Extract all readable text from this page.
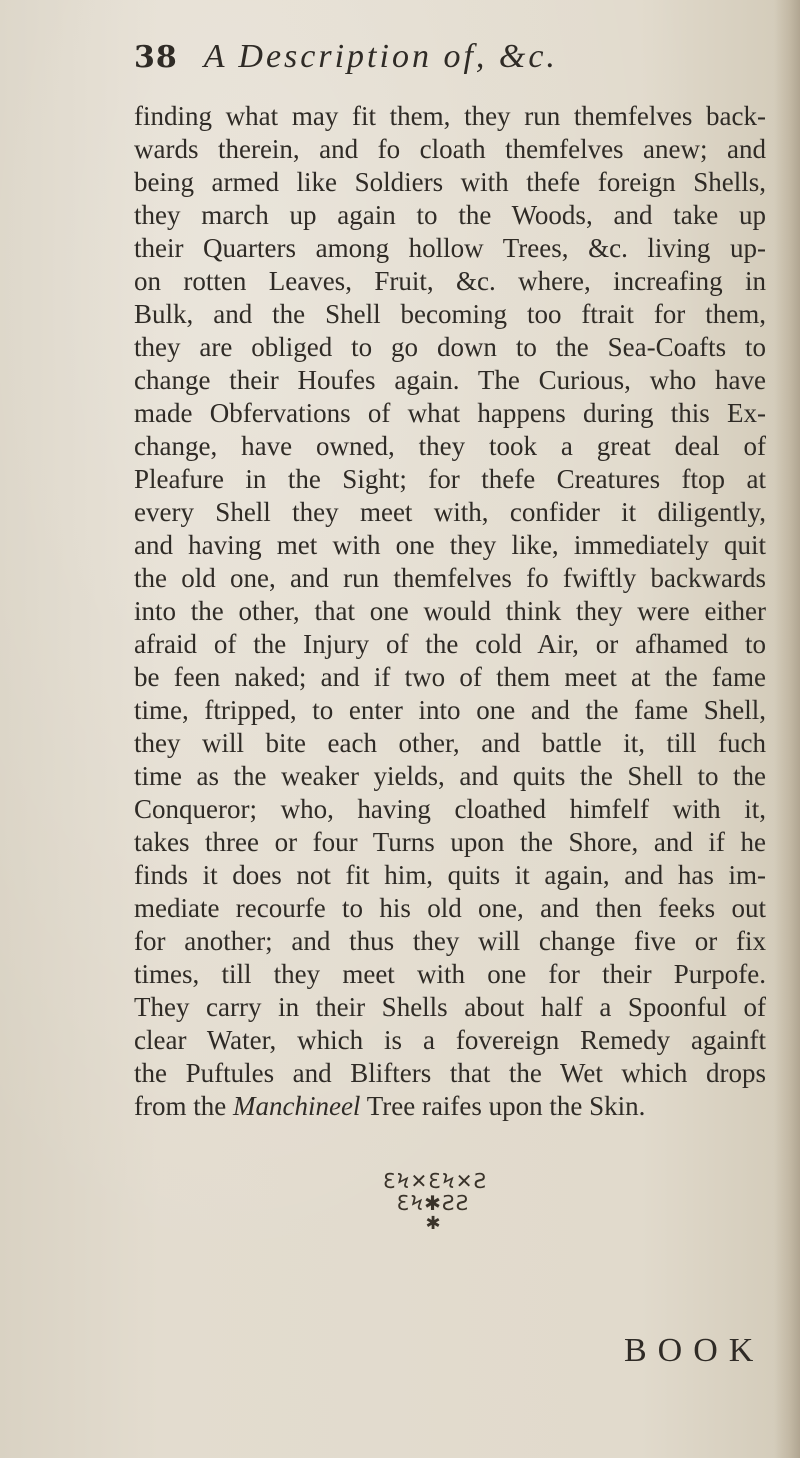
38 A Description of, &c.
finding what may fit them, they run themfelves back-
wards therein, and fo cloath themfelves anew; and
being armed like Soldiers with thefe foreign Shells,
they march up again to the Woods, and take up
their Quarters among hollow Trees, &c. living up-
on rotten Leaves, Fruit, &c. where, increafing in
Bulk, and the Shell becoming too ftrait for them,
they are obliged to go down to the Sea-Coafts to
change their Houfes again. The Curious, who have
made Obfervations of what happens during this Ex-
change, have owned, they took a great deal of
Pleafure in the Sight; for thefe Creatures ftop at
every Shell they meet with, confider it diligently,
and having met with one they like, immediately quit
the old one, and run themfelves fo fwiftly backwards
into the other, that one would think they were either
afraid of the Injury of the cold Air, or afhamed to
be feen naked; and if two of them meet at the fame
time, ftripped, to enter into one and the fame Shell,
they will bite each other, and battle it, till fuch
time as the weaker yields, and quits the Shell to the
Conqueror; who, having cloathed himfelf with it,
takes three or four Turns upon the Shore, and if he
finds it does not fit him, quits it again, and has im-
mediate recourfe to his old one, and then feeks out
for another; and thus they will change five or fix
times, till they meet with one for their Purpofe.
They carry in their Shells about half a Spoonful of
clear Water, which is a fovereign Remedy againft
the Puftules and Blifters that the Wet which drops
from the Manchineel Tree raifes upon the Skin.
ƐϞ✕ƐϞ✕Ƨ
ƐϞ✱ƧƧ
✱
BOOK
